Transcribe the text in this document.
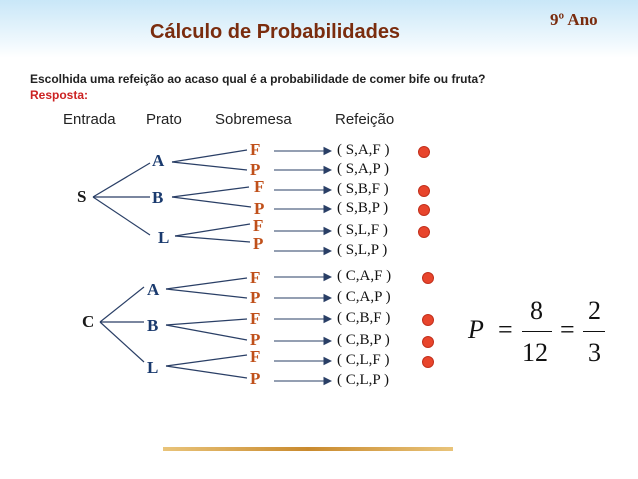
Cálculo de Probabilidades
9º Ano
Escolhida uma refeição ao acaso qual é a probabilidade de comer bife ou fruta?
Resposta:
Entrada Prato Sobremesa	Refeição
S
C
A
B
L
A
B
L
F
P
F
P
F
P
F
P
F
P
F
P
( S,A,F )
( S,A,P )
( S,B,F )
( S,B,P )
( S,L,F )
( S,L,P )
( C,A,F )
( C,A,P )
( C,B,F )
( C,B,P )
( C,L,F )
( C,L,P )
P =
8
12
=
2
3
